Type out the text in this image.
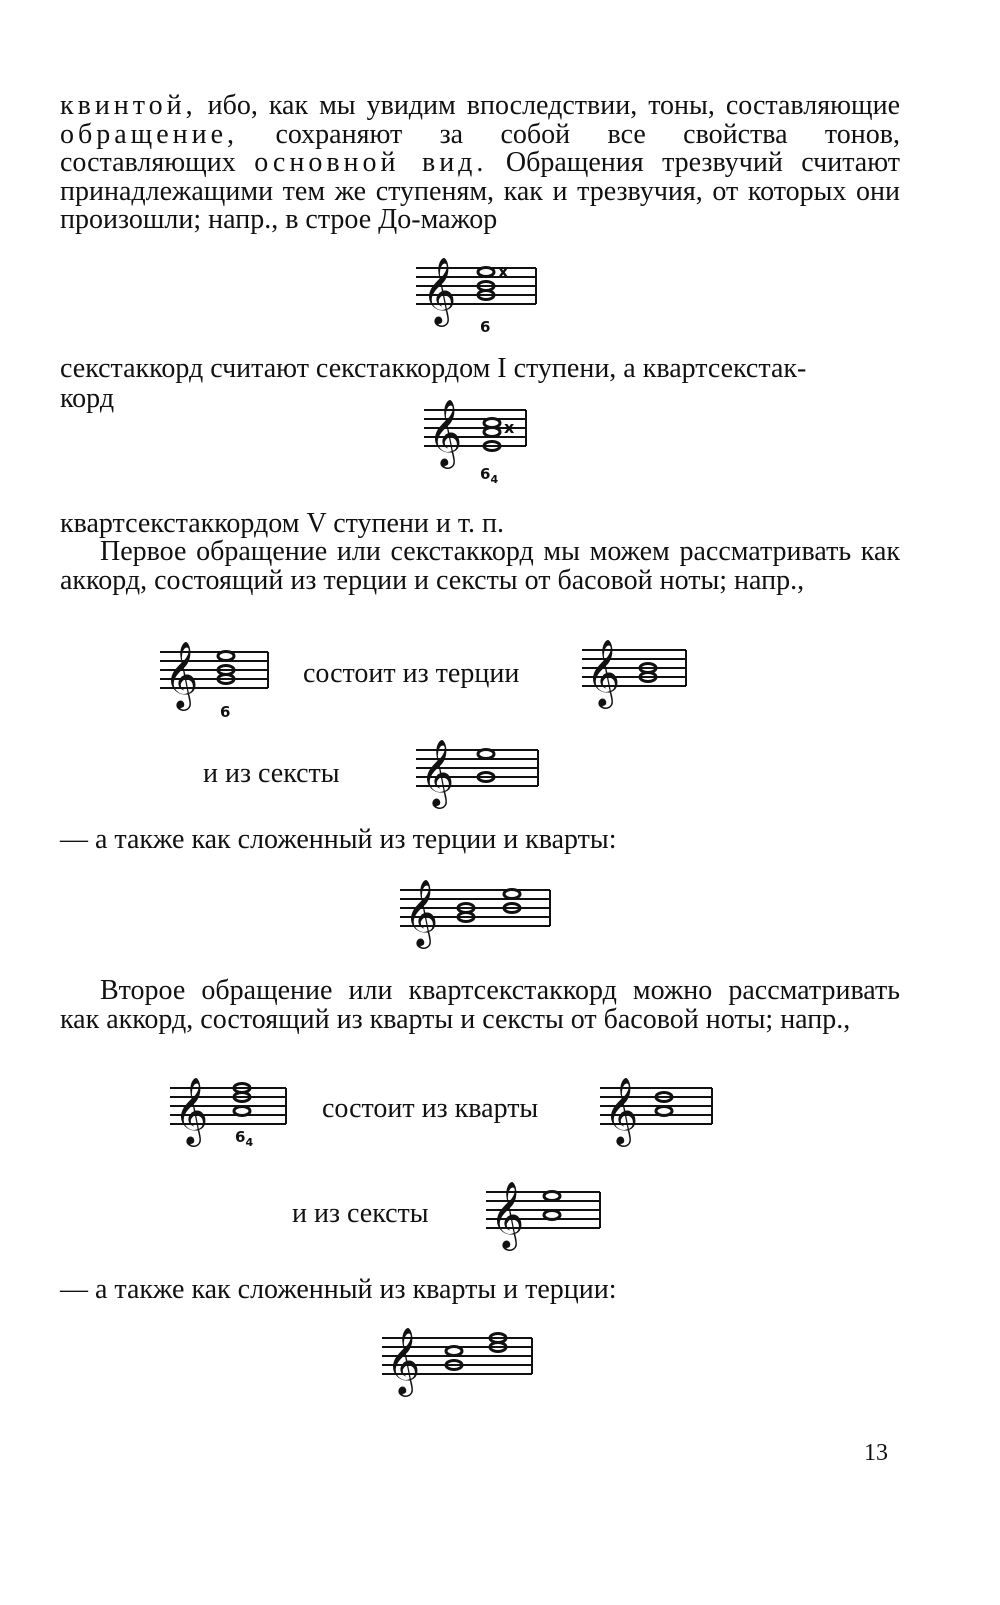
квинтой, ибо, как мы увидим впоследствии, тоны, составляющие обращение, сохраняют за собой все свойства тонов, составляющих основной вид. Обращения трезвучий считают принадлежащими тем же ступеням, как и трезвучия, от которых они произошли; напр., в строе До-мажор

𝄞	x
6

секстаккорд считают секстаккордом I ступени, а квартсекстак-

корд	𝄞	x
$6_4$

квартсекстаккордом V ступени и т. п.

Первое обращение или секстаккорд мы можем рассматривать как аккорд, состоящий из терции и сексты от басовой ноты; напр.,

𝄞
6

состоит из терции 𝄞

и из сексты 𝄞

— а также как сложенный из терции и кварты:

𝄞

Второе обращение или квартсекстаккорд можно рассматривать как аккорд, состоящий из кварты и сексты от басовой ноты; напр.,

𝄞 $6_4$

состоит из кварты 𝄞

и из сексты 𝄞

— а также как сложенный из кварты и терции:

𝄞
13
